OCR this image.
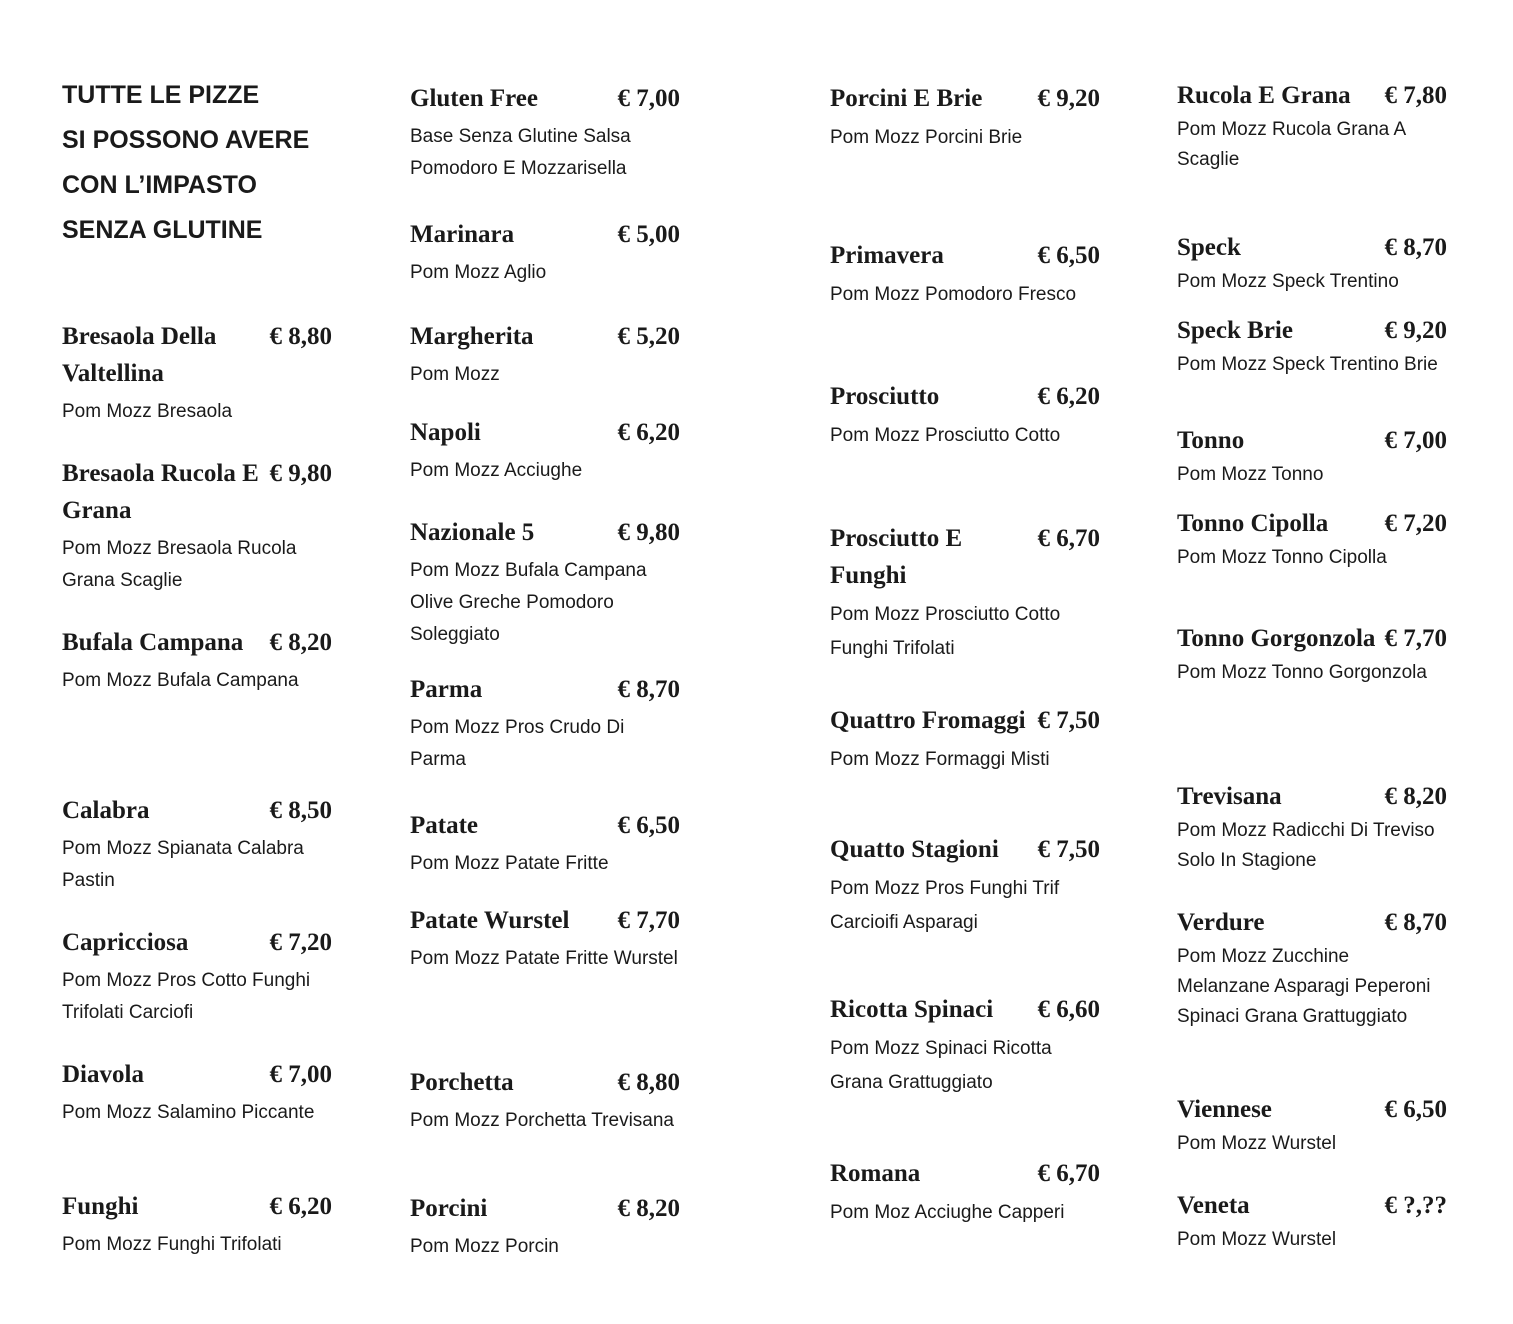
TUTTE LE PIZZE
SI POSSONO AVERE
CON L’IMPASTO
SENZA GLUTINE
Bresaola Della Valtellina
€ 8,80
Pom Mozz Bresaola
Bresaola Rucola E Grana
€ 9,80
Pom Mozz Bresaola Rucola Grana Scaglie
Bufala Campana	€ 8,20
Pom Mozz Bufala Campana
Calabra	€ 8,50
Pom Mozz Spianata Calabra Pastin
Capricciosa	€ 7,20
Pom Mozz Pros Cotto Funghi Trifolati Carciofi
Diavola	€ 7,00
Pom Mozz Salamino Piccante
Funghi	€ 6,20
Pom Mozz Funghi Trifolati
Gluten Free	€ 7,00
Base Senza Glutine Salsa Pomodoro E Mozzarisella
Marinara	€ 5,00
Pom Mozz Aglio
Margherita	€ 5,20
Pom Mozz
Napoli	€ 6,20
Pom Mozz Acciughe
Nazionale 5	€ 9,80
Pom Mozz Bufala Campana Olive Greche Pomodoro Soleggiato
Parma	€ 8,70
Pom Mozz Pros Crudo Di Parma
Patate	€ 6,50
Pom Mozz Patate Fritte
Patate Wurstel	€ 7,70
Pom Mozz Patate Fritte Wurstel
Porchetta	€ 8,80
Pom Mozz Porchetta Trevisana
Porcini	€ 8,20
Pom Mozz Porcin
Porcini E Brie	€ 9,20
Pom Mozz Porcini Brie
Primavera	€ 6,50
Pom Mozz Pomodoro Fresco
Prosciutto	€ 6,20
Pom Mozz Prosciutto Cotto
Prosciutto E Funghi
€ 6,70
Pom Mozz Prosciutto Cotto Funghi Trifolati
Quattro Fromaggi € 7,50
Pom Mozz Formaggi Misti
Quatto Stagioni	€ 7,50
Pom Mozz Pros Funghi Trif Carcioifi Asparagi
Ricotta Spinaci	€ 6,60
Pom Mozz Spinaci Ricotta Grana Grattuggiato
Romana	€ 6,70
Pom Moz Acciughe Capperi
Rucola E Grana	€ 7,80
Pom Mozz Rucola Grana A Scaglie
Speck	€ 8,70
Pom Mozz Speck Trentino
Speck Brie	€ 9,20
Pom Mozz Speck Trentino Brie
Tonno	€ 7,00
Pom Mozz Tonno
Tonno Cipolla	€ 7,20
Pom Mozz Tonno Cipolla
Tonno Gorgonzola € 7,70
Pom Mozz Tonno Gorgonzola
Trevisana	€ 8,20
Pom Mozz Radicchi Di Treviso Solo In Stagione
Verdure	€ 8,70
Pom Mozz Zucchine Melanzane Asparagi Peperoni Spinaci Grana Grattuggiato
Viennese	€ 6,50
Pom Mozz Wurstel
Veneta	€ ?,??
Pom Mozz Wurstel
